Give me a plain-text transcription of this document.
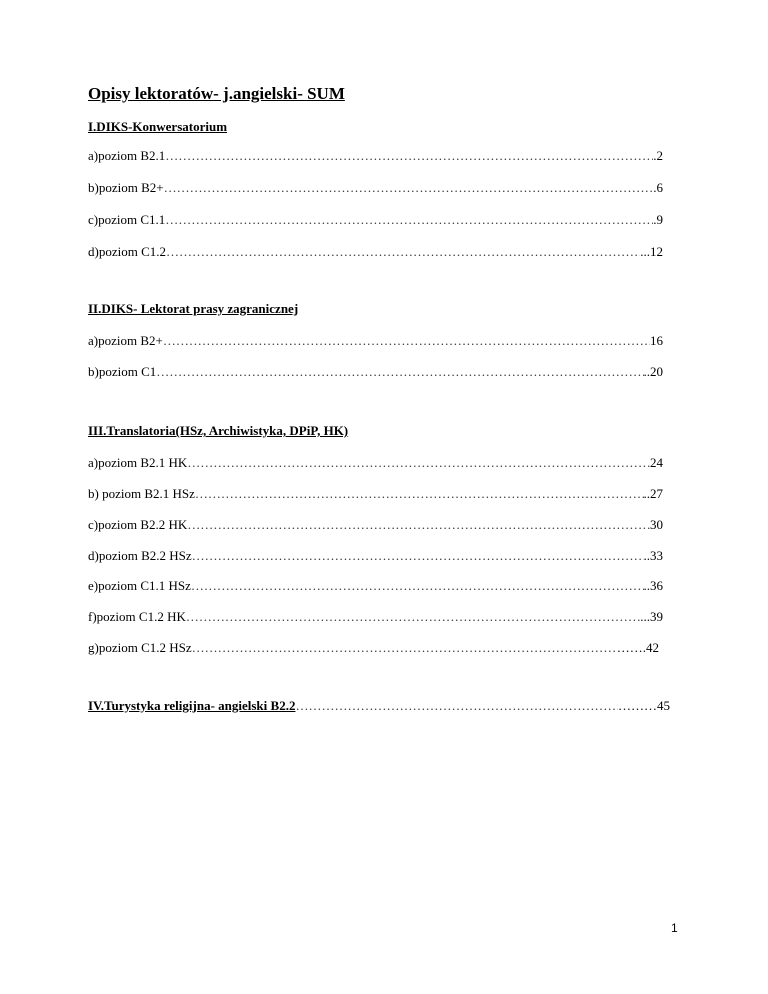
Opisy lektoratów- j.angielski- SUM
I.DIKS-Konwersatorium
a)poziom B2.1 ……………………………………………………………………………………………………………………………………………………………………………………………………	.2
b)poziom B2+ ……………………………………………………………………………………………………………………………………………………………………………………………………	.6
c)poziom C1.1 ……………………………………………………………………………………………………………………………………………………………………………………………………	.9
d)poziom C1.2 ……………………………………………………………………………………………………………………………………………………………………………………………………	...12
II.DIKS- Lektorat prasy zagranicznej
a)poziom B2+ ……………………………………………………………………………………………………………………………………………………………………………………………………	16
b)poziom C1 ……………………………………………………………………………………………………………………………………………………………………………………………………	..20
III.Translatoria(HSz, Archiwistyka, DPiP, HK)
a)poziom B2.1 HK ……………………………………………………………………………………………………………………………………………………………………………………………………	24
b) poziom B2.1 HSz ……………………………………………………………………………………………………………………………………………………………………………………………………	..27
c)poziom B2.2 HK ……………………………………………………………………………………………………………………………………………………………………………………………………	30
d)poziom B2.2 HSz ……………………………………………………………………………………………………………………………………………………………………………………………………	..33
e)poziom C1.1 HSz ……………………………………………………………………………………………………………………………………………………………………………………………………	..36
f)poziom C1.2 HK ……………………………………………………………………………………………………………………………………………………………………………………………………	...39
g)poziom C1.2 HSz ……………………………………………………………………………………………………………………………………………………………………………………………………	…….42
IV.Turystyka religijna- angielski B2.2 ……………………………………………………………………………………………………………………………………………………………………………………………………	………45
1
